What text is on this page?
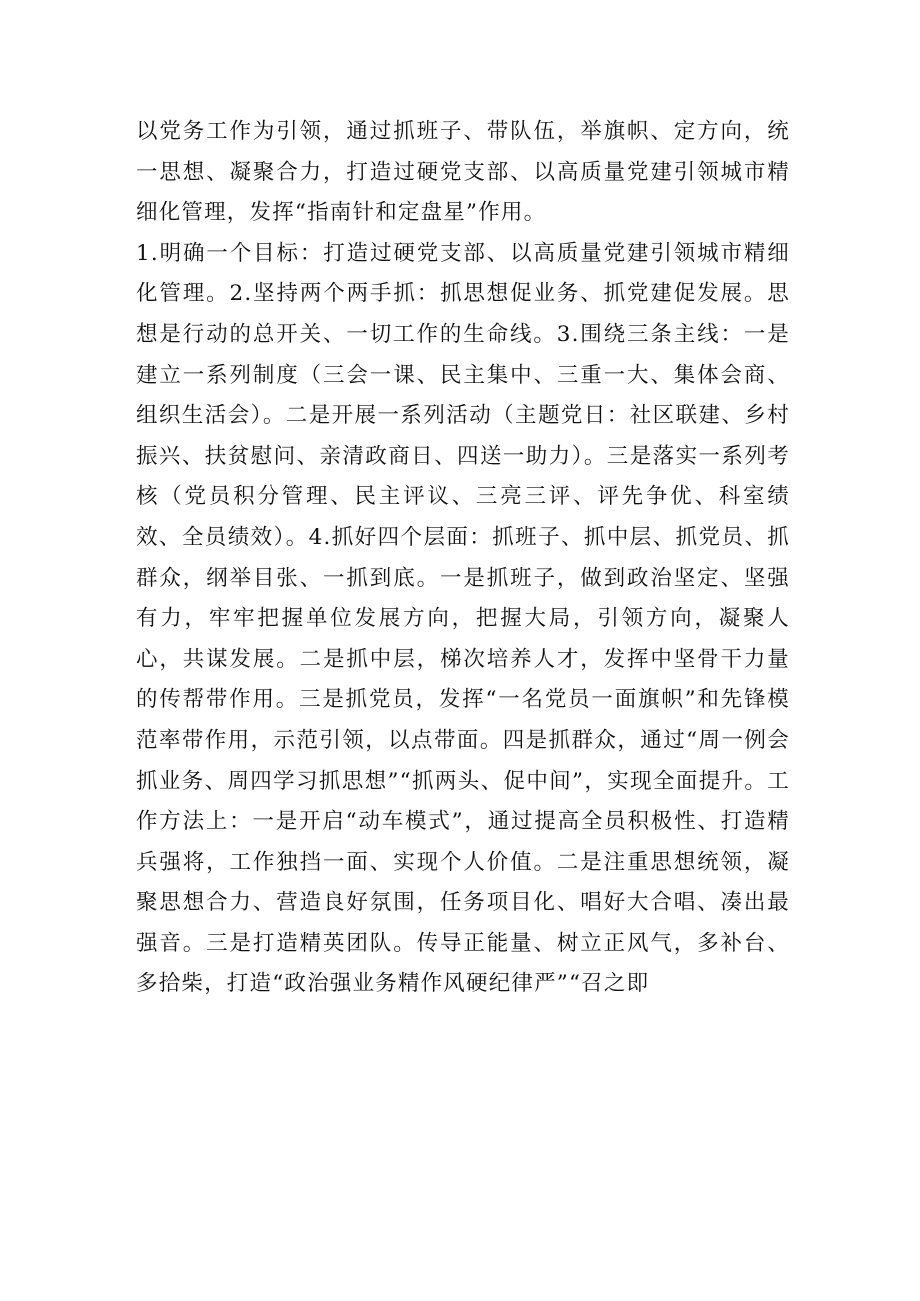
以党务工作为引领，通过抓班子、带队伍，举旗帜、定方向，统一思想、凝聚合力，打造过硬党支部、以高质量党建引领城市精细化管理，发挥“指南针和定盘星”作用。

1.明确一个目标：打造过硬党支部、以高质量党建引领城市精细化管理。2.坚持两个两手抓：抓思想促业务、抓党建促发展。思想是行动的总开关、一切工作的生命线。3.围绕三条主线：一是建立一系列制度（三会一课、民主集中、三重一大、集体会商、组织生活会）。二是开展一系列活动（主题党日：社区联建、乡村振兴、扶贫慰问、亲清政商日、四送一助力）。三是落实一系列考核（党员积分管理、民主评议、三亮三评、评先争优、科室绩效、全员绩效）。4.抓好四个层面：抓班子、抓中层、抓党员、抓群众，纲举目张、一抓到底。一是抓班子，做到政治坚定、坚强有力，牢牢把握单位发展方向，把握大局，引领方向，凝聚人心，共谋发展。二是抓中层，梯次培养人才，发挥中坚骨干力量的传帮带作用。三是抓党员，发挥“一名党员一面旗帜”和先锋模范率带作用，示范引领，以点带面。四是抓群众，通过“周一例会抓业务、周四学习抓思想”“抓两头、促中间”，实现全面提升。工作方法上：一是开启“动车模式”，通过提高全员积极性、打造精兵强将，工作独挡一面、实现个人价值。二是注重思想统领，凝聚思想合力、营造良好氛围，任务项目化、唱好大合唱、凑出最强音。三是打造精英团队。传导正能量、树立正风气，多补台、多拾柴，打造“政治强业务精作风硬纪律严”“召之即
